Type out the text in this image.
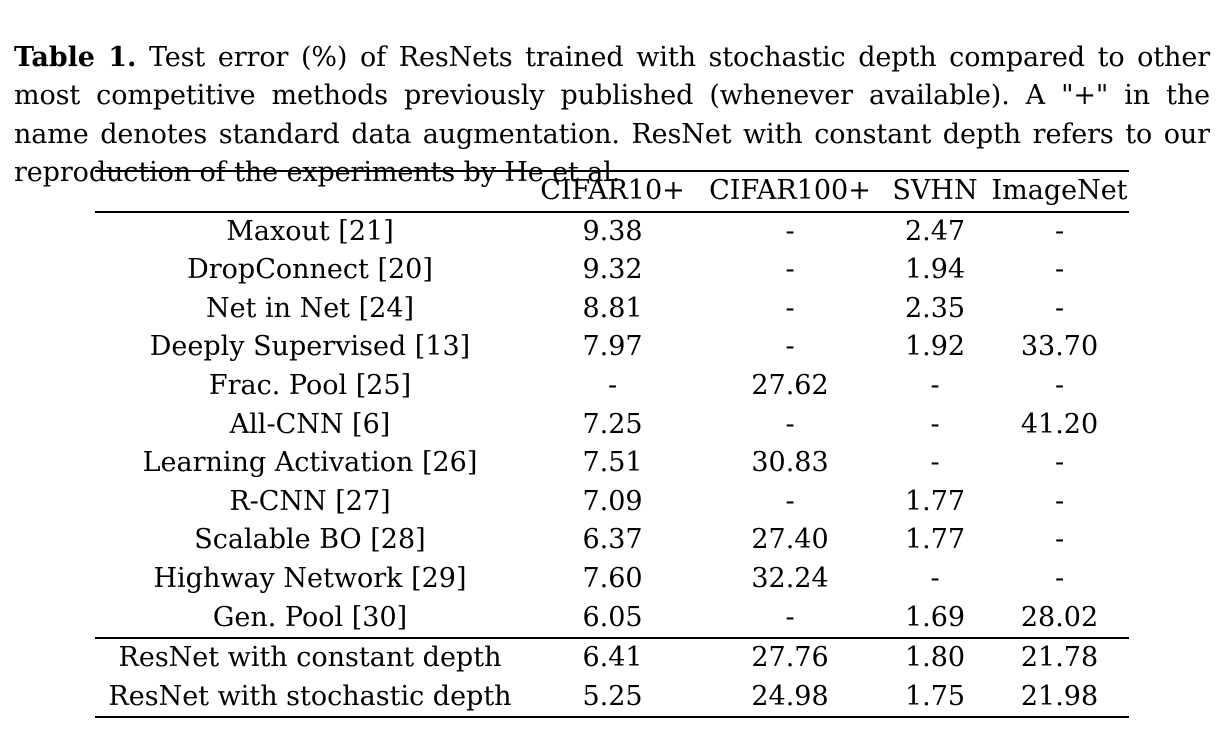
Table 1. Test error (%) of ResNets trained with stochastic depth compared to other most competitive methods previously published (whenever available). A "+" in the name denotes standard data augmentation. ResNet with constant depth refers to our reproduction of the experiments by He et al.

	CIFAR10+	CIFAR100+	SVHN	ImageNet
Maxout [21]	9.38	-	2.47	-
DropConnect [20]	9.32	-	1.94	-
Net in Net [24]	8.81	-	2.35	-
Deeply Supervised [13]	7.97	-	1.92	33.70
Frac. Pool [25]	-	27.62	-	-
All-CNN [6]	7.25	-	-	41.20
Learning Activation [26]	7.51	30.83	-	-
R-CNN [27]	7.09	-	1.77	-
Scalable BO [28]	6.37	27.40	1.77	-
Highway Network [29]	7.60	32.24	-	-
Gen. Pool [30]	6.05	-	1.69	28.02
ResNet with constant depth	6.41	27.76	1.80	21.78
ResNet with stochastic depth	5.25	24.98	1.75	21.98
